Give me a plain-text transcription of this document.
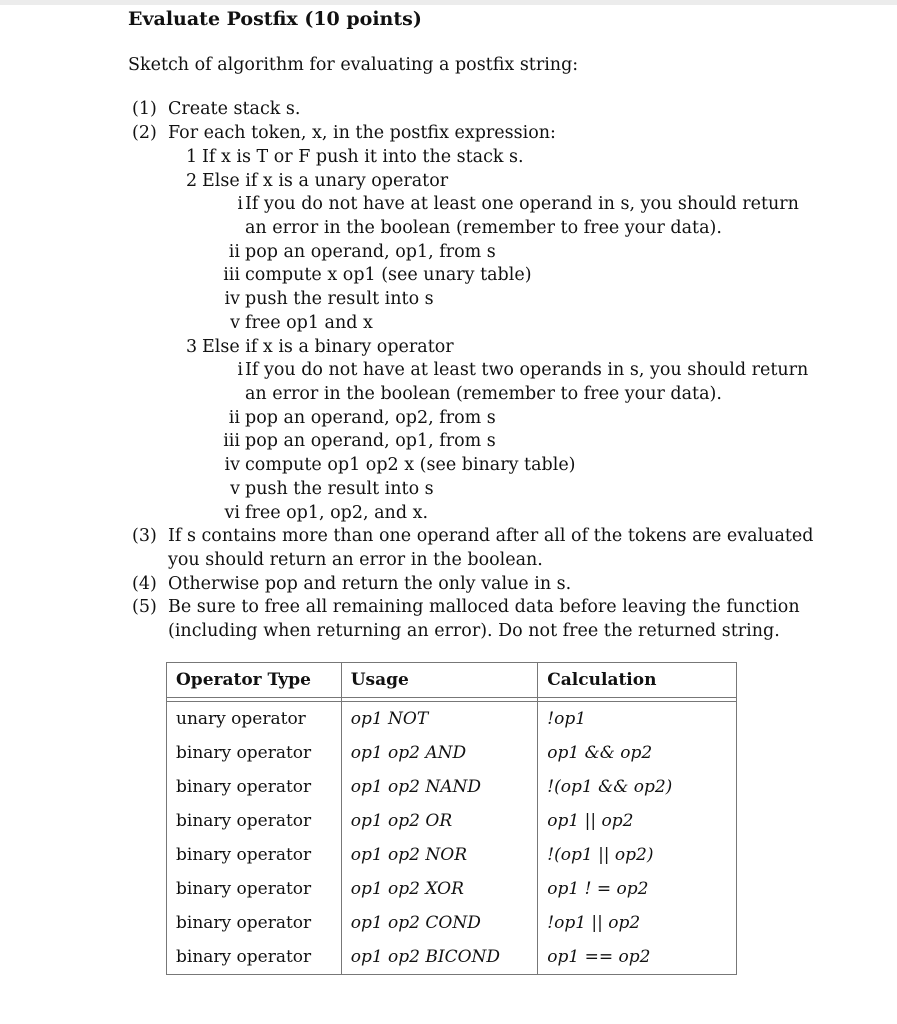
Evaluate Postfix (10 points)
Sketch of algorithm for evaluating a postfix string:
(1) Create stack s.
(2) For each token, x, in the postfix expression:
1 If x is T or F push it into the stack s.
2 Else if x is a unary operator
i If you do not have at least one operand in s, you should return
an error in the boolean (remember to free your data).
ii pop an operand, op1, from s
iii compute x op1 (see unary table)
iv push the result into s
v free op1 and x
3 Else if x is a binary operator
i If you do not have at least two operands in s, you should return
an error in the boolean (remember to free your data).
ii pop an operand, op2, from s
iii pop an operand, op1, from s
iv compute op1 op2 x (see binary table)
v push the result into s
vi free op1, op2, and x.
(3) If s contains more than one operand after all of the tokens are evaluated
you should return an error in the boolean.
(4) Otherwise pop and return the only value in s.
(5) Be sure to free all remaining malloced data before leaving the function
(including when returning an error). Do not free the returned string.
Operator Type	Usage	Calculation

unary operator	op1 NOT	!op1
binary operator	op1 op2 AND	op1 && op2
binary operator	op1 op2 NAND	!(op1 && op2)
binary operator	op1 op2 OR	op1 || op2
binary operator	op1 op2 NOR	!(op1 || op2)
binary operator	op1 op2 XOR	op1 ! = op2
binary operator	op1 op2 COND	!op1 || op2
binary operator	op1 op2 BICOND	op1 == op2
